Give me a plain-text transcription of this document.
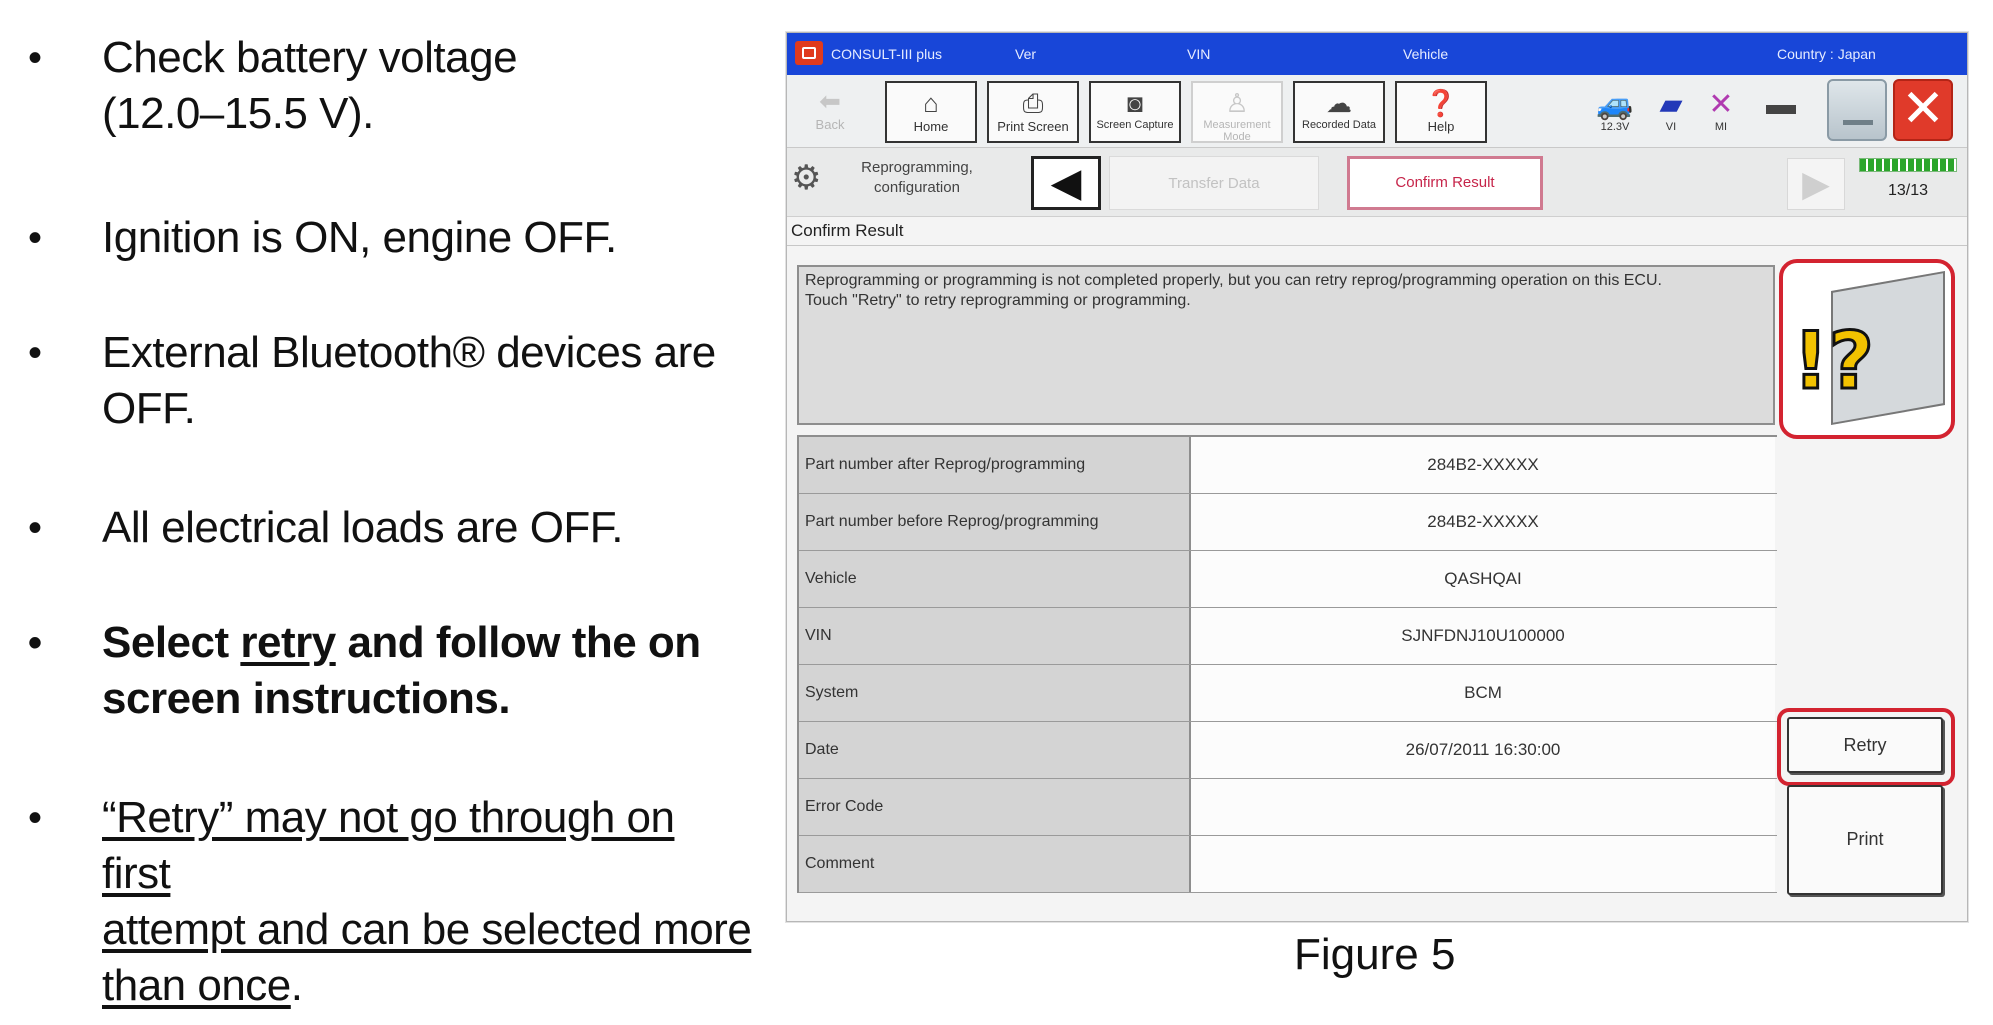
•	Check battery voltage
(12.0–15.5 V).
•	Ignition is ON, engine OFF.
•	External Bluetooth® devices are
OFF.
•	All electrical loads are OFF.
•	Select retry and follow the on
screen instructions.
•	“Retry” may not go through on first
attempt and can be selected more
than once.
CONSULT-III plus	Ver	VIN	Vehicle	Country : Japan
⬅
Back
⌂
Home
⎙
Print Screen
◙
Screen Capture
♙
Measurement Mode
☁
Recorded Data
❓
Help
🚙
12.3V
▰
VI
✕
MI
▬ ✕
⚙	Reprogramming, configuration	◀	Transfer Data	Confirm Result	▶	13/13
Confirm Result
Reprogramming or programming is not completed properly, but you can retry reprog/programming operation on this ECU.
Touch "Retry" to retry reprogramming or programming.
!?
Part number after Reprog/programming	284B2-XXXXX
Part number before Reprog/programming	284B2-XXXXX
Vehicle	QASHQAI
VIN	SJNFDNJ10U100000
System	BCM
Date	26/07/2011 16:30:00
Error Code
Comment
Retry
Print
Figure 5
